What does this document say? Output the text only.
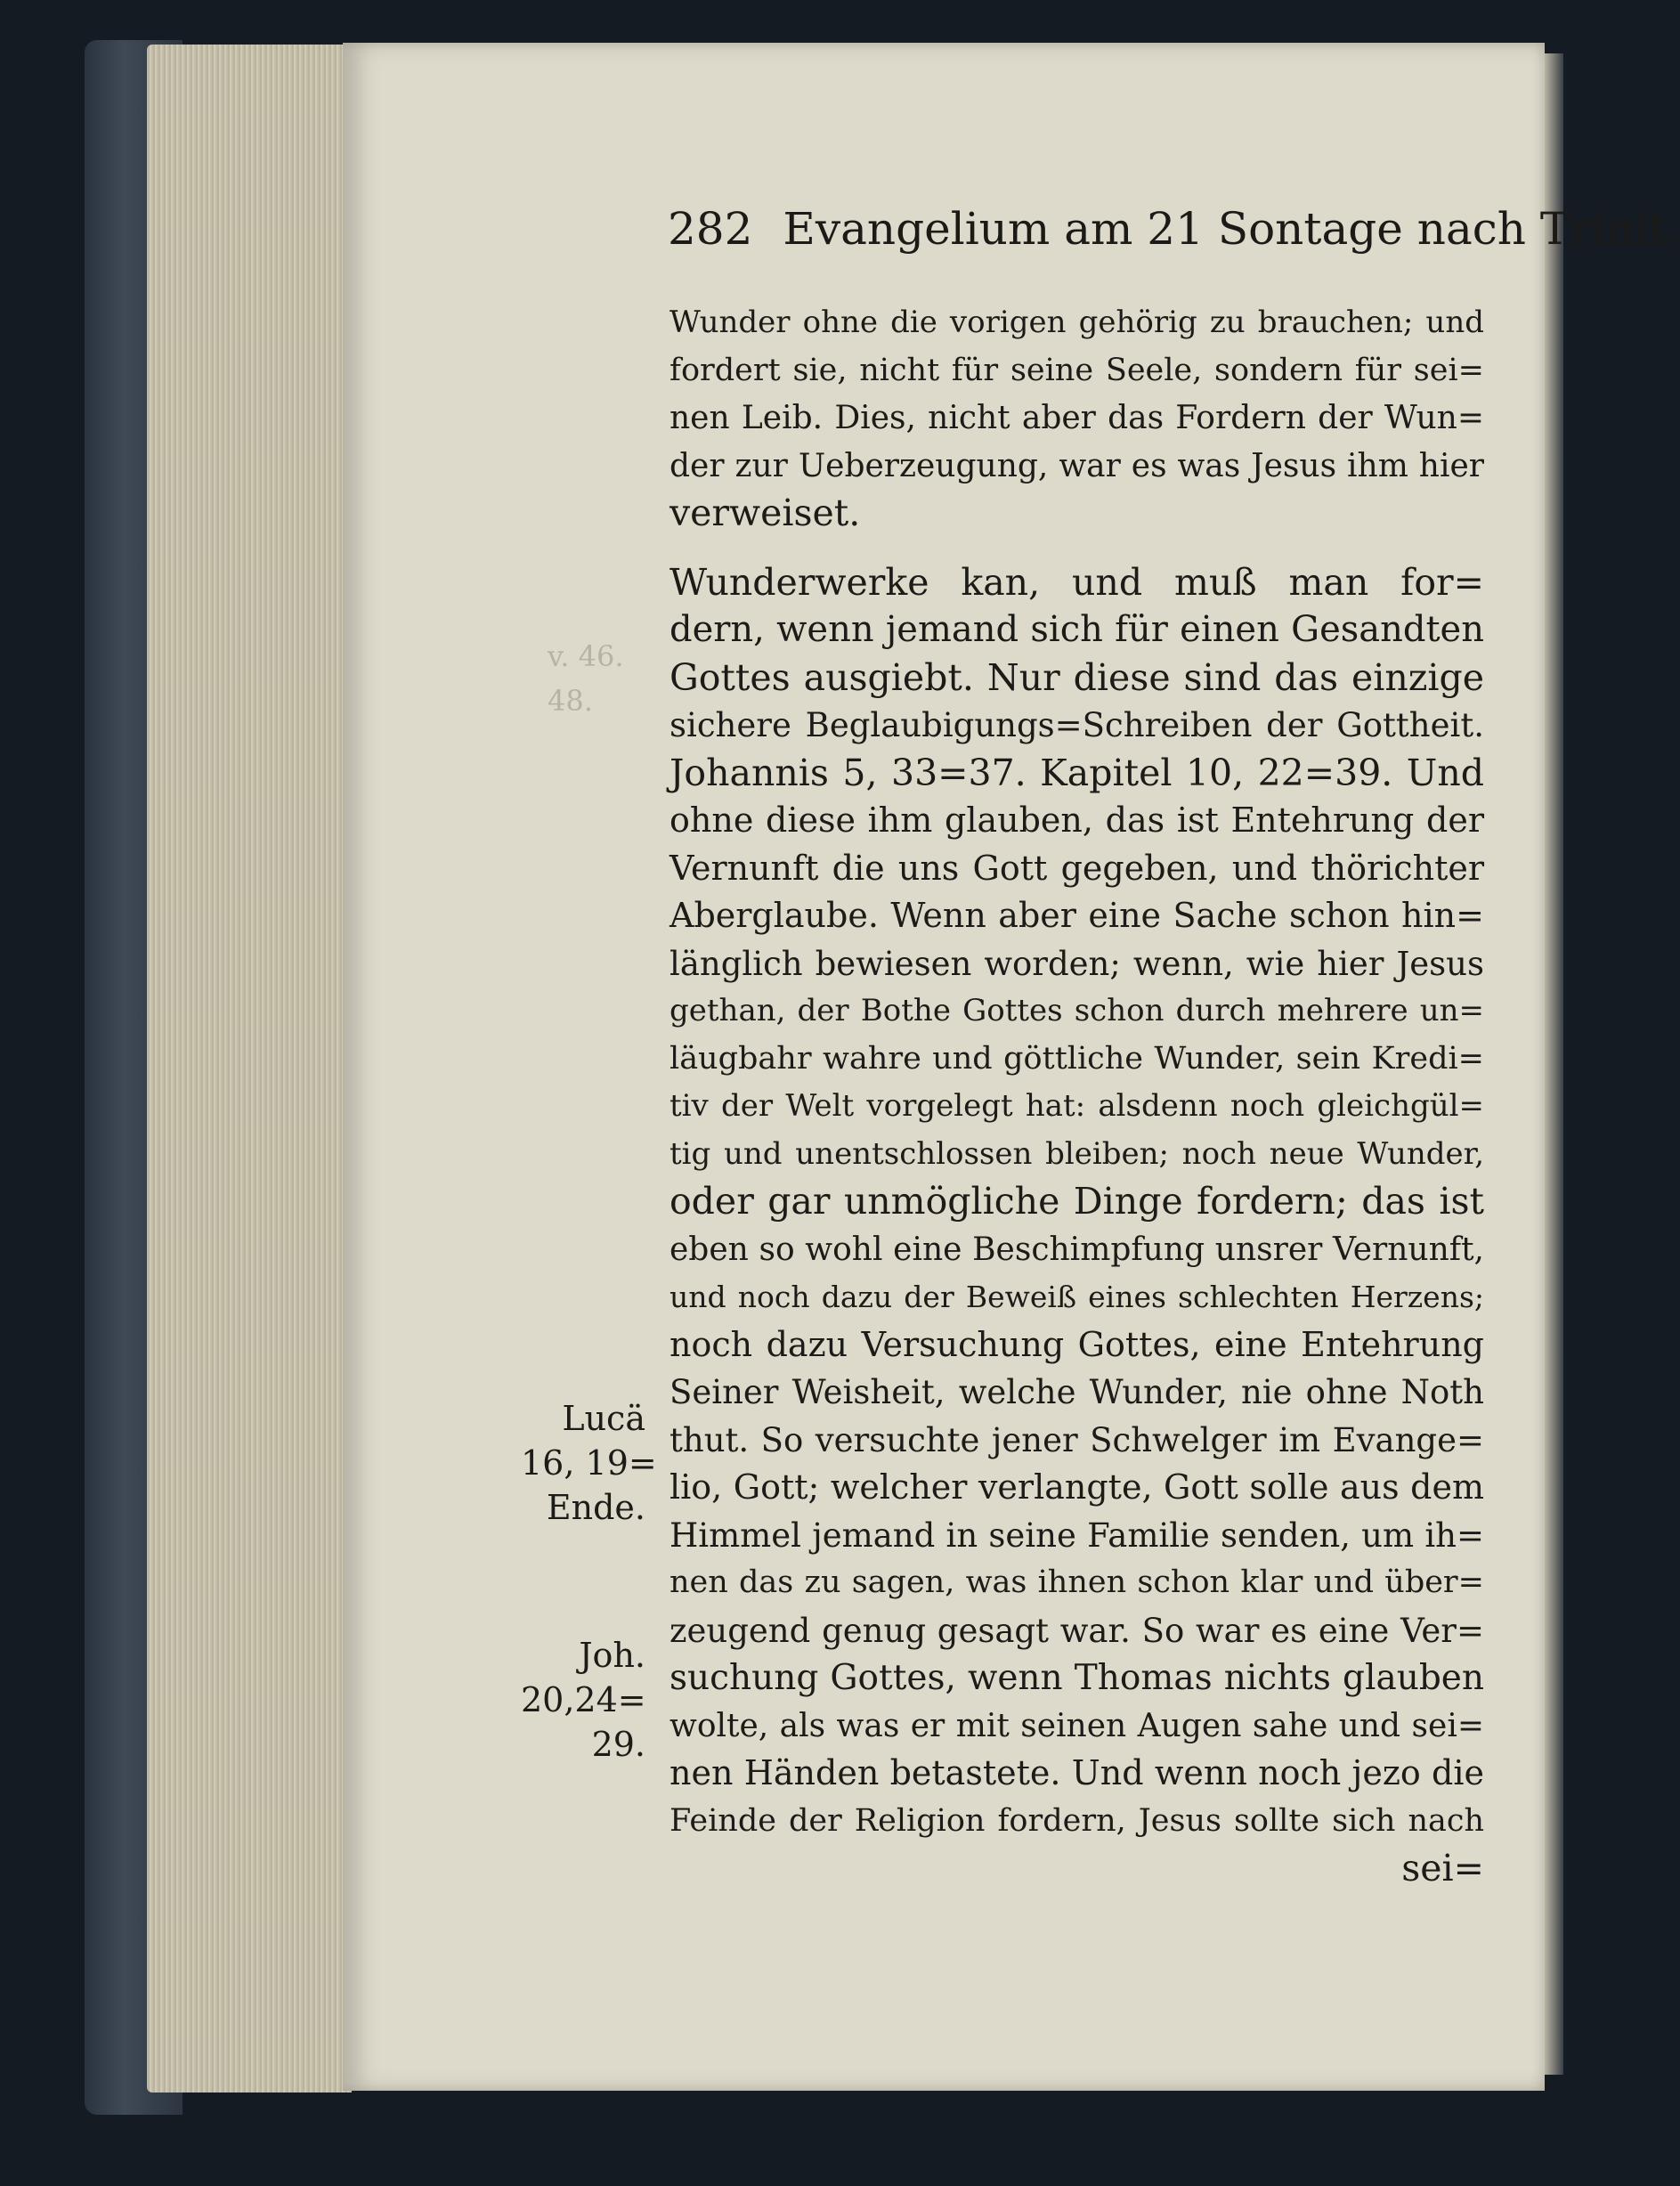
282 Evangelium am 21 Sontage nach Trinit.
v. 46.
48.
Wunder ohne die vorigen gehörig zu brauchen; und
fordert sie, nicht für seine Seele, sondern für sei=
nen Leib. Dies, nicht aber das Fordern der Wun=
der zur Ueberzeugung, war es was Jesus ihm hier
verweiset.
Wunderwerke kan, und muß man for=
dern, wenn jemand sich für einen Gesandten
Gottes ausgiebt. Nur diese sind das einzige
sichere Beglaubigungs=Schreiben der Gottheit.
Johannis 5, 33=37. Kapitel 10, 22=39. Und
ohne diese ihm glauben, das ist Entehrung der
Vernunft die uns Gott gegeben, und thörichter
Aberglaube. Wenn aber eine Sache schon hin=
länglich bewiesen worden; wenn, wie hier Jesus
gethan, der Bothe Gottes schon durch mehrere un=
läugbahr wahre und göttliche Wunder, sein Kredi=
tiv der Welt vorgelegt hat: alsdenn noch gleichgül=
tig und unentschlossen bleiben; noch neue Wunder,
oder gar unmögliche Dinge fordern; das ist
eben so wohl eine Beschimpfung unsrer Vernunft,
und noch dazu der Beweiß eines schlechten Herzens;
noch dazu Versuchung Gottes, eine Entehrung
Seiner Weisheit, welche Wunder, nie ohne Noth
thut. So versuchte jener Schwelger im Evange=
lio, Gott; welcher verlangte, Gott solle aus dem
Himmel jemand in seine Familie senden, um ih=
nen das zu sagen, was ihnen schon klar und über=
zeugend genug gesagt war. So war es eine Ver=
suchung Gottes, wenn Thomas nichts glauben
wolte, als was er mit seinen Augen sahe und sei=
nen Händen betastete. Und wenn noch jezo die
Feinde der Religion fordern, Jesus sollte sich nach
sei=
Lucä
16, 19=
Ende.
Joh.
20,24=
29.
